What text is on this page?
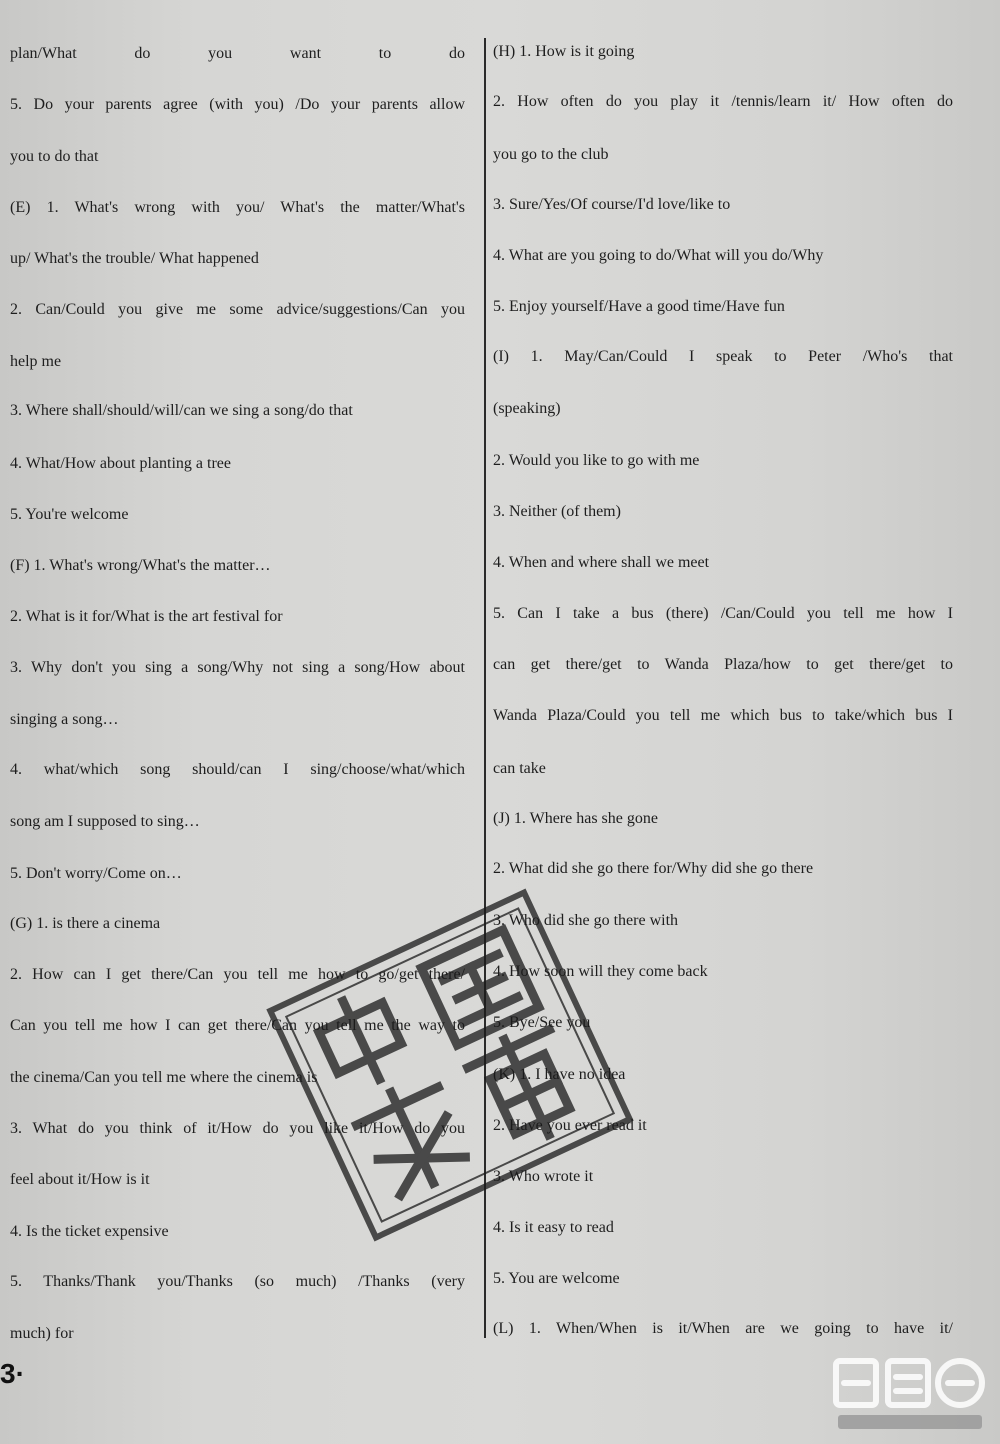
plan/What do you want to do
5. Do your parents agree (with you) /Do your parents allow
you to do that
(E) 1. What's wrong with you/ What's the matter/What's
up/ What's the trouble/ What happened
2. Can/Could you give me some advice/suggestions/Can you
help me
3. Where shall/should/will/can we sing a song/do that
4. What/How about planting a tree
5. You're welcome
(F) 1. What's wrong/What's the matter…
2. What is it for/What is the art festival for
3. Why don't you sing a song/Why not sing a song/How about
singing a song…
4. what/which song should/can I sing/choose/what/which
song am I supposed to sing…
5. Don't worry/Come on…
(G) 1. is there a cinema
2. How can I get there/Can you tell me how to go/get there/
Can you tell me how I can get there/Can you tell me the way to
the cinema/Can you tell me where the cinema is
3. What do you think of it/How do you like it/How do you
feel about it/How is it
4. Is the ticket expensive
5. Thanks/Thank you/Thanks (so much) /Thanks (very
much) for
(H) 1. How is it going
2. How often do you play it /tennis/learn it/ How often do
you go to the club
3. Sure/Yes/Of course/I'd love/like to
4. What are you going to do/What will you do/Why
5. Enjoy yourself/Have a good time/Have fun
(I) 1. May/Can/Could I speak to Peter /Who's that
(speaking)
2. Would you like to go with me
3. Neither (of them)
4. When and where shall we meet
5. Can I take a bus (there) /Can/Could you tell me how I
can get there/get to Wanda Plaza/how to get there/get to
Wanda Plaza/Could you tell me which bus to take/which bus I
can take
(J) 1. Where has she gone
2. What did she go there for/Why did she go there
3. Who did she go there with
4. How soon will they come back
5. Bye/See you
(K) 1. I have no idea
2. Have you ever read it
3. Who wrote it
4. Is it easy to read
5. You are welcome
(L) 1. When/When is it/When are we going to have it/
3·
